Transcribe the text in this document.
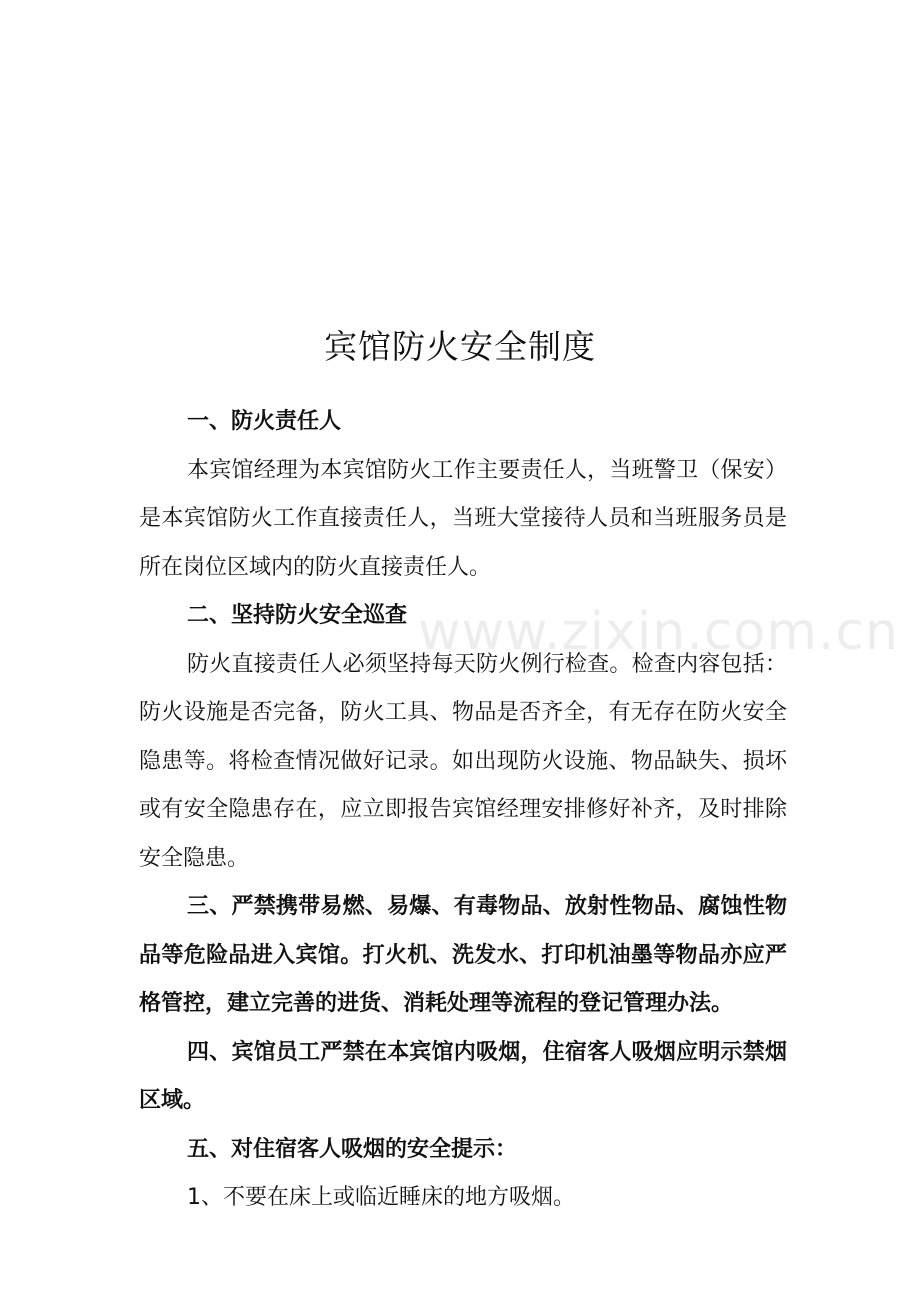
www.zixin.com.cn
宾馆防火安全制度

一、防火责任人

本宾馆经理为本宾馆防火工作主要责任人，当班警卫（保安）是本宾馆防火工作直接责任人，当班大堂接待人员和当班服务员是所在岗位区域内的防火直接责任人。

二、坚持防火安全巡查

防火直接责任人必须坚持每天防火例行检查。检查内容包括：防火设施是否完备，防火工具、物品是否齐全，有无存在防火安全隐患等。将检查情况做好记录。如出现防火设施、物品缺失、损坏或有安全隐患存在，应立即报告宾馆经理安排修好补齐，及时排除安全隐患。

三、严禁携带易燃、易爆、有毒物品、放射性物品、腐蚀性物品等危险品进入宾馆。打火机、洗发水、打印机油墨等物品亦应严格管控，建立完善的进货、消耗处理等流程的登记管理办法。

四、宾馆员工严禁在本宾馆内吸烟，住宿客人吸烟应明示禁烟区域。

五、对住宿客人吸烟的安全提示：

1、不要在床上或临近睡床的地方吸烟。
